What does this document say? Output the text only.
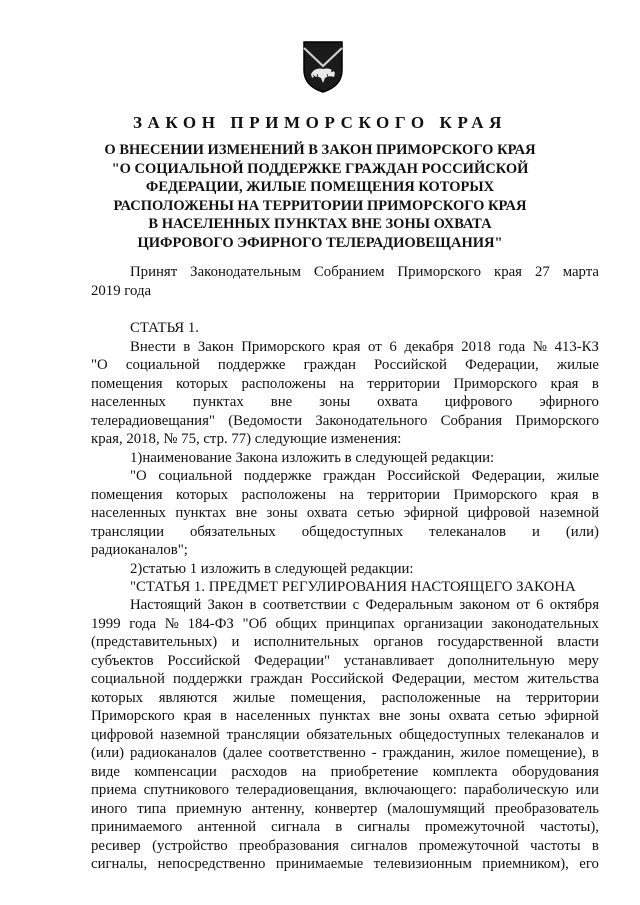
ЗАКОН ПРИМОРСКОГО КРАЯ
О ВНЕСЕНИИ ИЗМЕНЕНИЙ В ЗАКОН ПРИМОРСКОГО КРАЯ
"О СОЦИАЛЬНОЙ ПОДДЕРЖКЕ ГРАЖДАН РОССИЙСКОЙ
ФЕДЕРАЦИИ, ЖИЛЫЕ ПОМЕЩЕНИЯ КОТОРЫХ
РАСПОЛОЖЕНЫ НА ТЕРРИТОРИИ ПРИМОРСКОГО КРАЯ
В НАСЕЛЕННЫХ ПУНКТАХ ВНЕ ЗОНЫ ОХВАТА
ЦИФРОВОГО ЭФИРНОГО ТЕЛЕРАДИОВЕЩАНИЯ"
Принят Законодательным Собранием Приморского края 27 марта
2019 года
СТАТЬЯ 1.
Внести в Закон Приморского края от 6 декабря 2018 года № 413-КЗ
"О социальной поддержке граждан Российской Федерации, жилые
помещения которых расположены на территории Приморского края в
населенных пунктах вне зоны охвата цифрового эфирного
телерадиовещания" (Ведомости Законодательного Собрания Приморского
края, 2018, № 75, стр. 77) следующие изменения:
1)наименование Закона изложить в следующей редакции:
"О социальной поддержке граждан Российской Федерации, жилые
помещения которых расположены на территории Приморского края в
населенных пунктах вне зоны охвата сетью эфирной цифровой наземной
трансляции обязательных общедоступных телеканалов и (или)
радиоканалов";
2)статью 1 изложить в следующей редакции:
"СТАТЬЯ 1. ПРЕДМЕТ РЕГУЛИРОВАНИЯ НАСТОЯЩЕГО ЗАКОНА
Настоящий Закон в соответствии с Федеральным законом от 6 октября
1999 года № 184-ФЗ "Об общих принципах организации законодательных
(представительных) и исполнительных органов государственной власти
субъектов Российской Федерации" устанавливает дополнительную меру
социальной поддержки граждан Российской Федерации, местом жительства
которых являются жилые помещения, расположенные на территории
Приморского края в населенных пунктах вне зоны охвата сетью эфирной
цифровой наземной трансляции обязательных общедоступных телеканалов и
(или) радиоканалов (далее соответственно - гражданин, жилое помещение), в
виде компенсации расходов на приобретение комплекта оборудования
приема спутникового телерадиовещания, включающего: параболическую или
иного типа приемную антенну, конвертер (малошумящий преобразователь
принимаемого антенной сигнала в сигналы промежуточной частоты),
ресивер (устройство преобразования сигналов промежуточной частоты в
сигналы, непосредственно принимаемые телевизионным приемником), его
